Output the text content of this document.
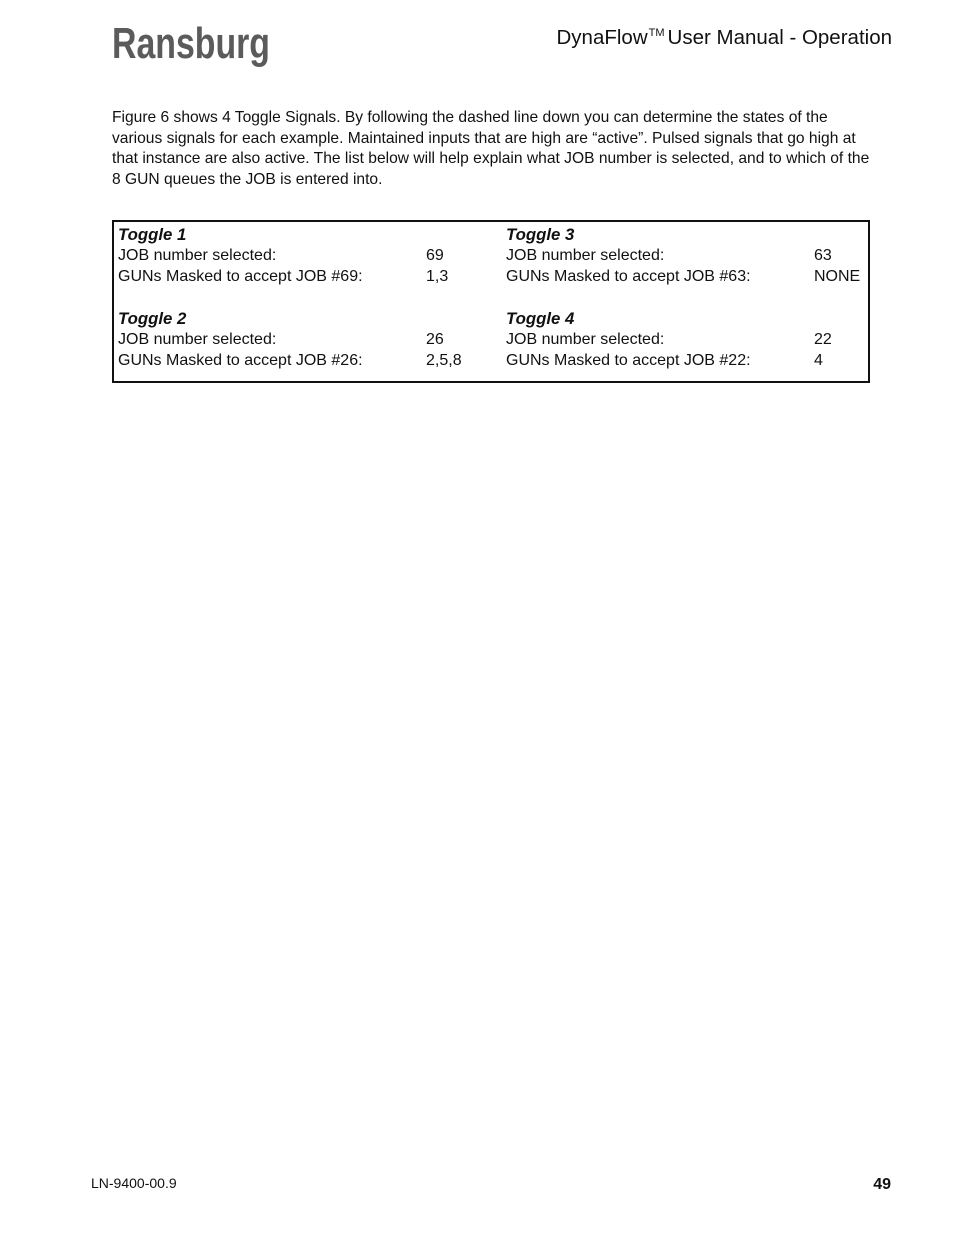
Ransburg	DynaFlow™ User Manual - Operation

Figure 6 shows 4 Toggle Signals. By following the dashed line down you can determine the states of the various signals for each example. Maintained inputs that are high are “active”. Pulsed signals that go high at that instance are also active. The list below will help explain what JOB number is selected, and to which of the 8 GUN queues the JOB is entered into.

Toggle 1
JOB number selected:	69
GUNs Masked to accept JOB #69:	1,3
Toggle 2
JOB number selected:	26
GUNs Masked to accept JOB #26:	2,5,8
Toggle 3
JOB number selected:	63
GUNs Masked to accept JOB #63:	NONE
Toggle 4
JOB number selected:	22
GUNs Masked to accept JOB #22:	4
LN-9400-00.9	49
